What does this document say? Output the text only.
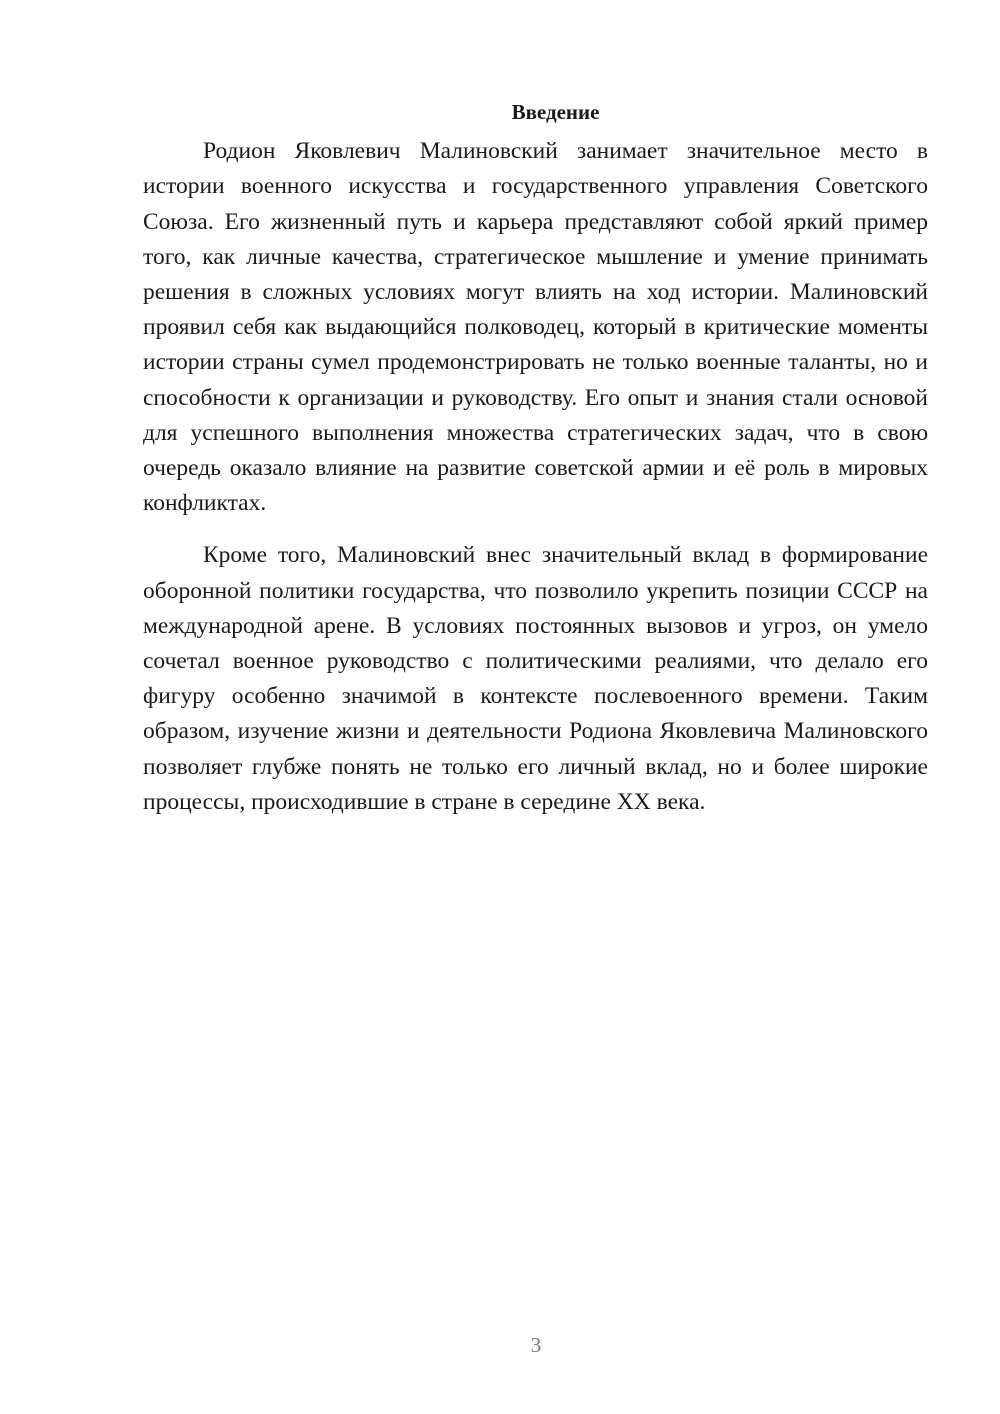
Введение

Родион Яковлевич Малиновский занимает значительное место в истории военного искусства и государственного управления Советского Союза. Его жизненный путь и карьера представляют собой яркий пример того, как личные качества, стратегическое мышление и умение принимать решения в сложных условиях могут влиять на ход истории. Малиновский проявил себя как выдающийся полководец, который в критические моменты истории страны сумел продемонстрировать не только военные таланты, но и способности к организации и руководству. Его опыт и знания стали основой для успешного выполнения множества стратегических задач, что в свою очередь оказало влияние на развитие советской армии и её роль в мировых конфликтах.

Кроме того, Малиновский внес значительный вклад в формирование оборонной политики государства, что позволило укрепить позиции СССР на международной арене. В условиях постоянных вызовов и угроз, он умело сочетал военное руководство с политическими реалиями, что делало его фигуру особенно значимой в контексте послевоенного времени. Таким образом, изучение жизни и деятельности Родиона Яковлевича Малиновского позволяет глубже понять не только его личный вклад, но и более широкие процессы, происходившие в стране в середине XX века.

3
